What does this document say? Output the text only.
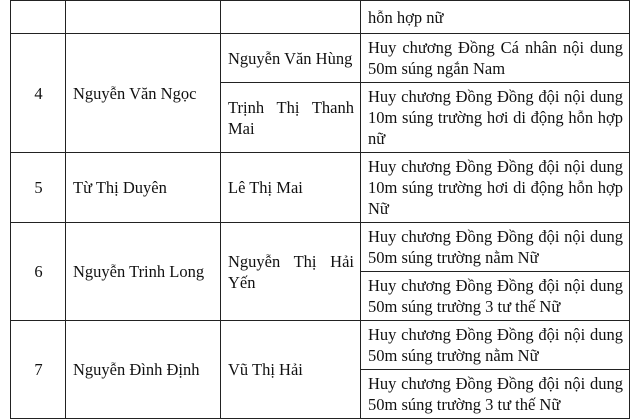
			hỗn hợp nữ
4	Nguyễn Văn Ngọc	Nguyễn Văn Hùng	Huy chương Đồng Cá nhân nội dung 50m súng ngắn Nam
		Trịnh Thị Thanh Mai	Huy chương Đồng Đồng đội nội dung 10m súng trường hơi di động hỗn hợp nữ
5	Từ Thị Duyên	Lê Thị Mai	Huy chương Đồng Đồng đội nội dung 10m súng trường hơi di động hỗn hợp Nữ
6	Nguyễn Trinh Long	Nguyễn Thị Hải Yến	Huy chương Đồng Đồng đội nội dung 50m súng trường nằm Nữ
			Huy chương Đồng Đồng đội nội dung 50m súng trường 3 tư thế Nữ
7	Nguyễn Đình Định	Vũ Thị Hải	Huy chương Đồng Đồng đội nội dung 50m súng trường nằm Nữ
			Huy chương Đồng Đồng đội nội dung 50m súng trường 3 tư thế Nữ
